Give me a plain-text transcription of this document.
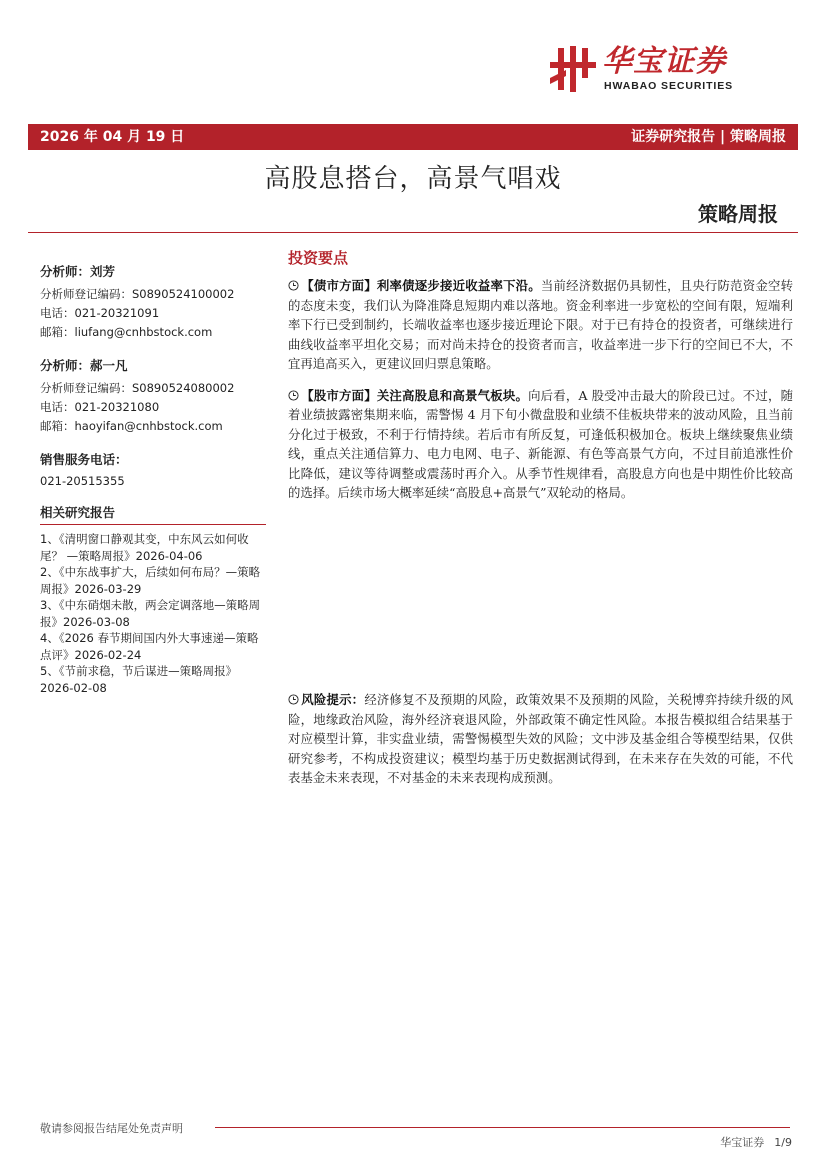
华宝证券
HWABAO SECURITIES
2026 年 04 月 19 日	证券研究报告 | 策略周报
高股息搭台，高景气唱戏
策略周报
分析师：刘芳
分析师登记编码：S0890524100002
电话：021-20321091
邮箱：liufang@cnhbstock.com
分析师：郝一凡
分析师登记编码：S0890524080002
电话：021-20321080
邮箱：haoyifan@cnhbstock.com
销售服务电话：
021-20515355
相关研究报告
1、《清明窗口静观其变，中东风云如何收尾？ —策略周报》2026-04-06
2、《中东战事扩大，后续如何布局？—策略周报》2026-03-29
3、《中东硝烟未散，两会定调落地—策略周报》2026-03-08
4、《2026 春节期间国内外大事速递—策略点评》2026-02-24
5、《节前求稳，节后谋进—策略周报》2026-02-08
投资要点
【债市方面】利率债逐步接近收益率下沿。当前经济数据仍具韧性，且央行防范资金空转的态度未变，我们认为降准降息短期内难以落地。资金利率进一步宽松的空间有限，短端利率下行已受到制约，长端收益率也逐步接近理论下限。对于已有持仓的投资者，可继续进行曲线收益率平坦化交易；而对尚未持仓的投资者而言，收益率进一步下行的空间已不大，不宜再追高买入，更建议回归票息策略。
【股市方面】关注高股息和高景气板块。向后看，A 股受冲击最大的阶段已过。不过，随着业绩披露密集期来临，需警惕 4 月下旬小微盘股和业绩不佳板块带来的波动风险，且当前分化过于极致，不利于行情持续。若后市有所反复，可逢低积极加仓。板块上继续聚焦业绩线，重点关注通信算力、电力电网、电子、新能源、有色等高景气方向，不过目前追涨性价比降低，建议等待调整或震荡时再介入。从季节性规律看，高股息方向也是中期性价比较高的选择。后续市场大概率延续“高股息+高景气”双轮动的格局。
风险提示：经济修复不及预期的风险，政策效果不及预期的风险，关税博弈持续升级的风险，地缘政治风险，海外经济衰退风险，外部政策不确定性风险。本报告模拟组合结果基于对应模型计算，非实盘业绩，需警惕模型失效的风险；文中涉及基金组合等模型结果，仅供研究参考，不构成投资建议；模型均基于历史数据测试得到，在未来存在失效的可能，不代表基金未来表现，不对基金的未来表现构成预测。
敬请参阅报告结尾处免责声明
华宝证券 1/9
